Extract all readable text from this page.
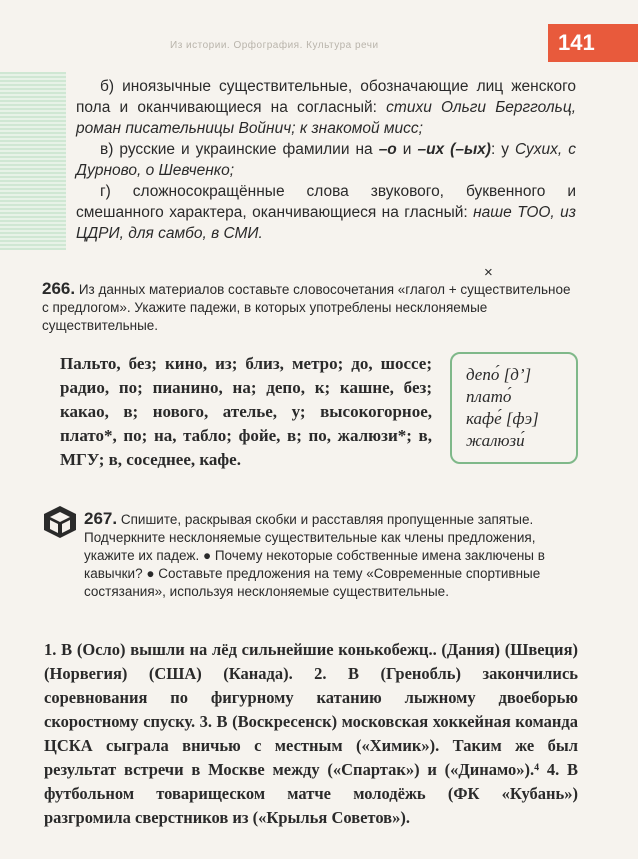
Из истории. Орфография. Культура речи	141
б) иноязычные существительные, обозначающие лиц женского пола и оканчивающиеся на согласный: стихи Ольги Берггольц, роман писательницы Войнич; к знакомой мисс;
в) русские и украинские фамилии на –о и –их (–ых): у Сухих, с Дурново, о Шевченко;
г) сложносокращённые слова звукового, буквенного и смешанного характера, оканчивающиеся на гласный: наше ТОО, из ЦДРИ, для самбо, в СМИ.
×
266. Из данных материалов составьте словосочетания «глагол + существительное с предлогом». Укажите падежи, в которых употреблены несклоняемые существительные.
Пальто, без; кино, из; близ, метро; до, шоссе; радио, по; пианино, на; депо, к; кашне, без; какао, в; нового, ателье, у; высокогорное, плато*, по; на, табло; фойе, в; по, жалюзи*; в, МГУ; в, соседнее, кафе.
депо́ [д’]
плато́
кафе́ [фэ]
жалюзи́
267. Спишите, раскрывая скобки и расставляя пропущенные запятые. Подчеркните несклоняемые существительные как члены предложения, укажите их падеж. ● Почему некоторые собственные имена заключены в кавычки? ● Составьте предложения на тему «Современные спортивные состязания», используя несклоняемые существительные.
1. В (Осло) вышли на лёд сильнейшие конькобежц.. (Дания) (Швеция) (Норвегия) (США) (Канада). 2. В (Гренобль) закончились соревнования по фигурному катанию лыжному двоеборью скоростному спуску. 3. В (Воскресенск) московская хоккейная команда ЦСКА сыграла вничью с местным («Химик»). Таким же был результат встречи в Москве между («Спартак») и («Динамо»).⁴ 4. В футбольном товарищеском матче молодёжь (ФК «Кубань») разгромила сверстников из («Крылья Советов»).
